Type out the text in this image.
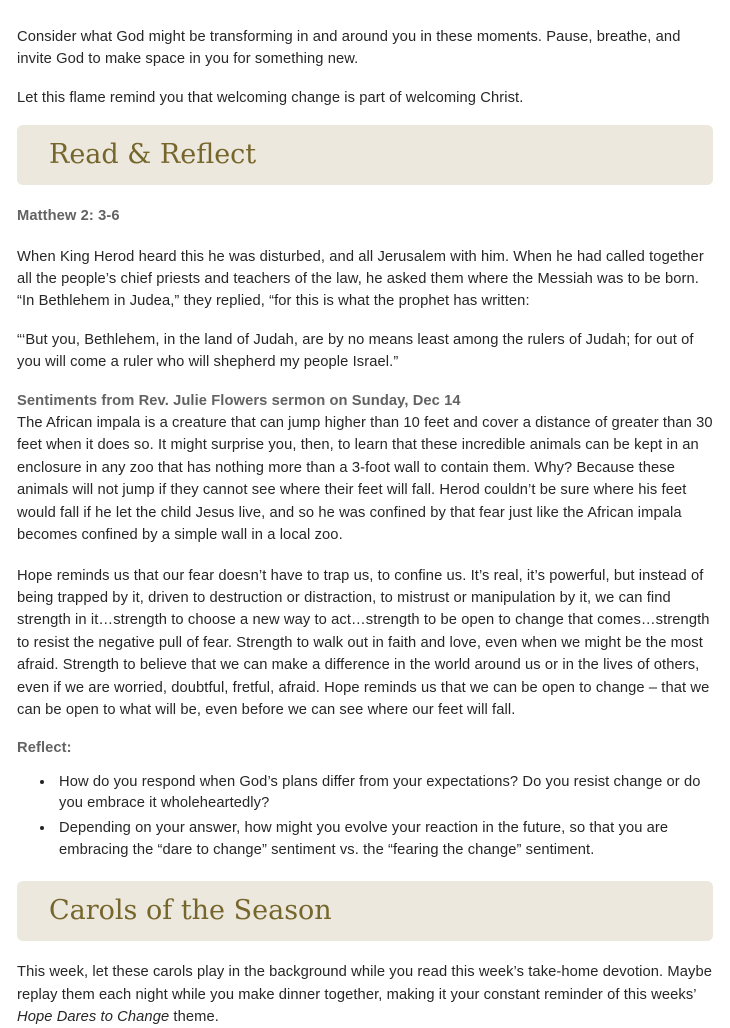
Consider what God might be transforming in and around you in these moments. Pause, breathe, and invite God to make space in you for something new.

Let this flame remind you that welcoming change is part of welcoming Christ.

Read & Reflect

Matthew 2: 3-6

When King Herod heard this he was disturbed, and all Jerusalem with him. When he had called together all the people’s chief priests and teachers of the law, he asked them where the Messiah was to be born. “In Bethlehem in Judea,” they replied, “for this is what the prophet has written:

“‘But you, Bethlehem, in the land of Judah, are by no means least among the rulers of Judah; for out of you will come a ruler who will shepherd my people Israel.”

Sentiments from Rev. Julie Flowers sermon on Sunday, Dec 14

The African impala is a creature that can jump higher than 10 feet and cover a distance of greater than 30 feet when it does so. It might surprise you, then, to learn that these incredible animals can be kept in an enclosure in any zoo that has nothing more than a 3-foot wall to contain them. Why? Because these animals will not jump if they cannot see where their feet will fall. Herod couldn’t be sure where his feet would fall if he let the child Jesus live, and so he was confined by that fear just like the African impala becomes confined by a simple wall in a local zoo.

Hope reminds us that our fear doesn’t have to trap us, to confine us. It’s real, it’s powerful, but instead of being trapped by it, driven to destruction or distraction, to mistrust or manipulation by it, we can find strength in it…strength to choose a new way to act…strength to be open to change that comes…strength to resist the negative pull of fear. Strength to walk out in faith and love, even when we might be the most afraid. Strength to believe that we can make a difference in the world around us or in the lives of others, even if we are worried, doubtful, fretful, afraid. Hope reminds us that we can be open to change – that we can be open to what will be, even before we can see where our feet will fall.

Reflect:

• How do you respond when God’s plans differ from your expectations? Do you resist change or do you embrace it wholeheartedly?
• Depending on your answer, how might you evolve your reaction in the future, so that you are embracing the “dare to change” sentiment vs. the “fearing the change” sentiment.
Carols of the Season

This week, let these carols play in the background while you read this week’s take-home devotion. Maybe replay them each night while you make dinner together, making it your constant reminder of this weeks’ Hope Dares to Change theme.
